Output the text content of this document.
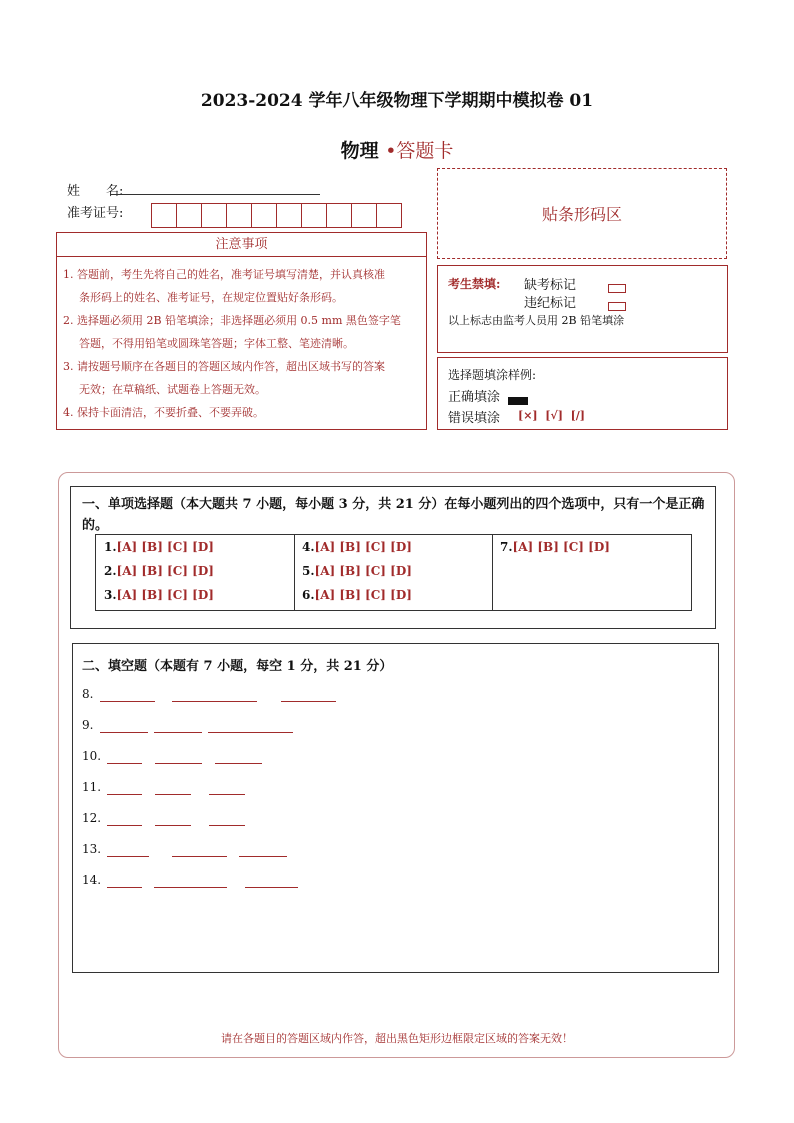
2023-2024 学年八年级物理下学期期中模拟卷 01
物理 •答题卡
姓　　名:
准考证号:	贴条形码区
注意事项
1. 答题前，考生先将自己的姓名，准考证号填写清楚，并认真核准
条形码上的姓名、准考证号，在规定位置贴好条形码。
2. 选择题必须用 2B 铅笔填涂；非选择题必须用 0.5 mm 黑色签字笔
答题，不得用铅笔或圆珠笔答题；字体工整、笔迹清晰。
3. 请按题号顺序在各题目的答题区域内作答，超出区域书写的答案
无效；在草稿纸、试题卷上答题无效。
4. 保持卡面清洁，不要折叠、不要弄破。
考生禁填: 缺考标记
违纪标记
以上标志由监考人员用 2B 铅笔填涂
选择题填涂样例:
正确填涂
错误填涂 [×]  [√]  [/]
一、单项选择题（本大题共 7 小题，每小题 3 分，共 21 分）在每小题列出的四个选项中，只有一个是正确的。
1.[A] [B] [C] [D]
2.[A] [B] [C] [D]
3.[A] [B] [C] [D]
4.[A] [B] [C] [D]
5.[A] [B] [C] [D]
6.[A] [B] [C] [D]
7.[A] [B] [C] [D]
二、填空题（本题有 7 小题，每空 1 分，共 21 分）
8.
9.
10.
11.
12.
13.
14.
请在各题目的答题区域内作答，超出黑色矩形边框限定区域的答案无效！
